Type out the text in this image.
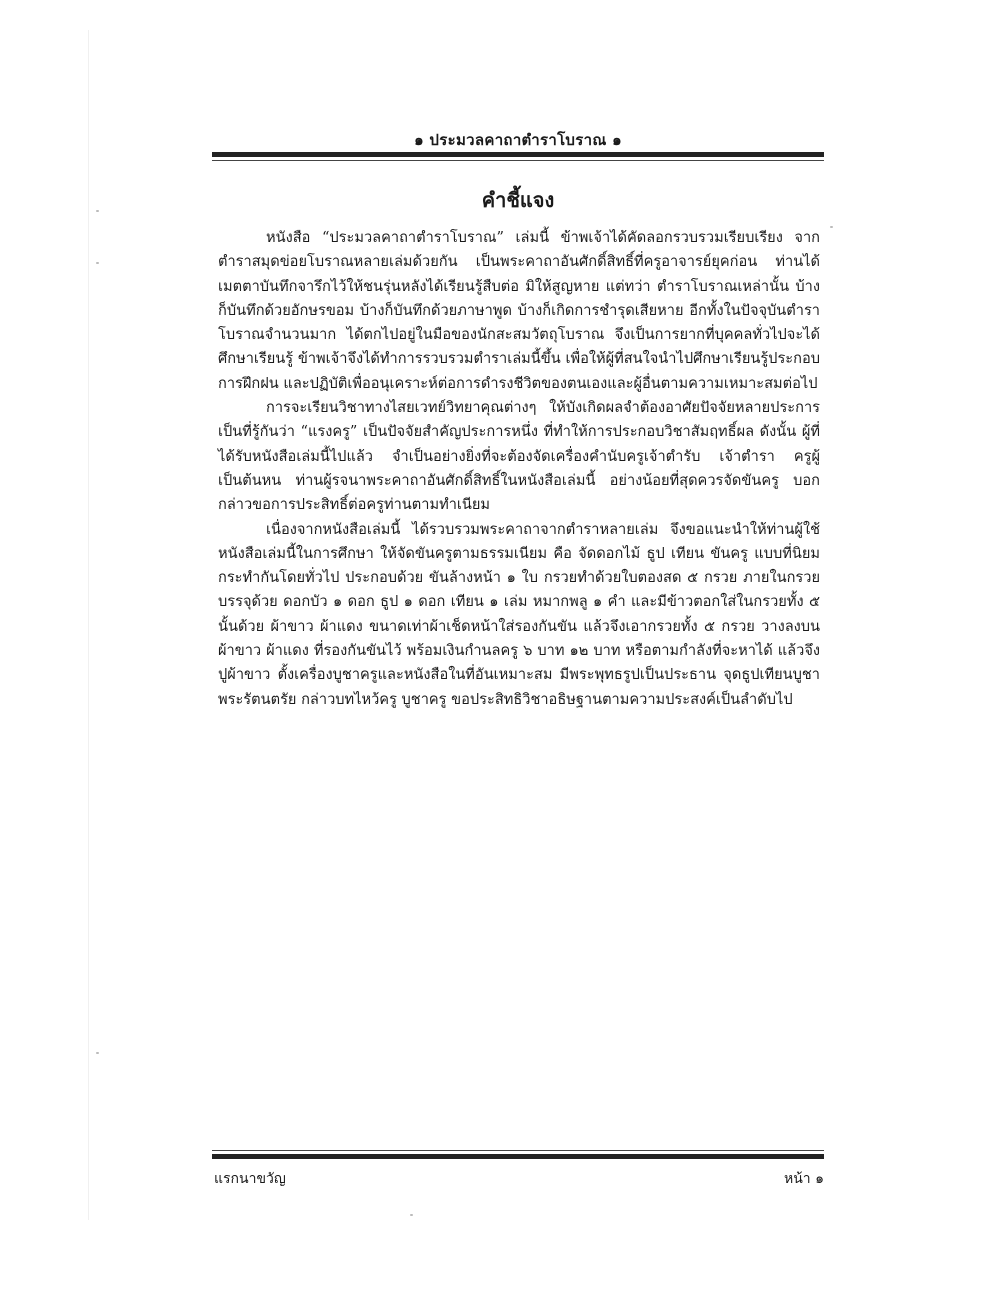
๑ ประมวลคาถาตำราโบราณ ๑
คำชี้แจง

หนังสือ “ประมวลคาถาตำราโบราณ” เล่มนี้ ข้าพเจ้าได้คัดลอกรวบรวมเรียบเรียง จากตำราสมุดข่อยโบราณหลายเล่มด้วยกัน เป็นพระคาถาอันศักดิ์สิทธิ์ที่ครูอาจารย์ยุคก่อน ท่านได้เมตตาบันทึกจารึกไว้ให้ชนรุ่นหลังได้เรียนรู้สืบต่อ มิให้สูญหาย แต่ทว่า ตำราโบราณเหล่านั้น บ้างก็บันทึกด้วยอักษรขอม บ้างก็บันทึกด้วยภาษาพูด บ้างก็เกิดการชำรุดเสียหาย อีกทั้งในปัจจุบันตำราโบราณจำนวนมาก ได้ตกไปอยู่ในมือของนักสะสมวัตถุโบราณ จึงเป็นการยากที่บุคคลทั่วไปจะได้ศึกษาเรียนรู้ ข้าพเจ้าจึงได้ทำการรวบรวมตำราเล่มนี้ขึ้น เพื่อให้ผู้ที่สนใจนำไปศึกษาเรียนรู้ประกอบการฝึกฝน และปฏิบัติเพื่ออนุเคราะห์ต่อการดำรงชีวิตของตนเองและผู้อื่นตามความเหมาะสมต่อไป

การจะเรียนวิชาทางไสยเวทย์วิทยาคุณต่างๆ ให้บังเกิดผลจำต้องอาศัยปัจจัยหลายประการ เป็นที่รู้กันว่า “แรงครู” เป็นปัจจัยสำคัญประการหนึ่ง ที่ทำให้การประกอบวิชาสัมฤทธิ์ผล ดังนั้น ผู้ที่ได้รับหนังสือเล่มนี้ไปแล้ว จำเป็นอย่างยิ่งที่จะต้องจัดเครื่องคำนับครูเจ้าตำรับ เจ้าตำรา ครูผู้เป็นต้นหน ท่านผู้รจนาพระคาถาอันศักดิ์สิทธิ์ในหนังสือเล่มนี้ อย่างน้อยที่สุดควรจัดขันครู บอกกล่าวขอการประสิทธิ์ต่อครูท่านตามทำเนียม

เนื่องจากหนังสือเล่มนี้ ได้รวบรวมพระคาถาจากตำราหลายเล่ม จึงขอแนะนำให้ท่านผู้ใช้หนังสือเล่มนี้ในการศึกษา ให้จัดขันครูตามธรรมเนียม คือ จัดดอกไม้ ธูป เทียน ขันครู แบบที่นิยมกระทำกันโดยทั่วไป ประกอบด้วย ขันล้างหน้า ๑ ใบ กรวยทำด้วยใบตองสด ๕ กรวย ภายในกรวยบรรจุด้วย ดอกบัว ๑ ดอก ธูป ๑ ดอก เทียน ๑ เล่ม หมากพลู ๑ คำ และมีข้าวตอกใส่ในกรวยทั้ง ๕ นั้นด้วย ผ้าขาว ผ้าแดง ขนาดเท่าผ้าเช็ดหน้าใส่รองกันขัน แล้วจึงเอากรวยทั้ง ๕ กรวย วางลงบนผ้าขาว ผ้าแดง ที่รองกันขันไว้ พร้อมเงินกำนลครู ๖ บาท ๑๒ บาท หรือตามกำลังที่จะหาได้ แล้วจึงปูผ้าขาว ตั้งเครื่องบูชาครูและหนังสือในที่อันเหมาะสม มีพระพุทธรูปเป็นประธาน จุดธูปเทียนบูชาพระรัตนตรัย กล่าวบทไหว้ครู บูชาครู ขอประสิทธิวิชาอธิษฐานตามความประสงค์เป็นลำดับไป

แรกนาขวัญ	หน้า ๑
